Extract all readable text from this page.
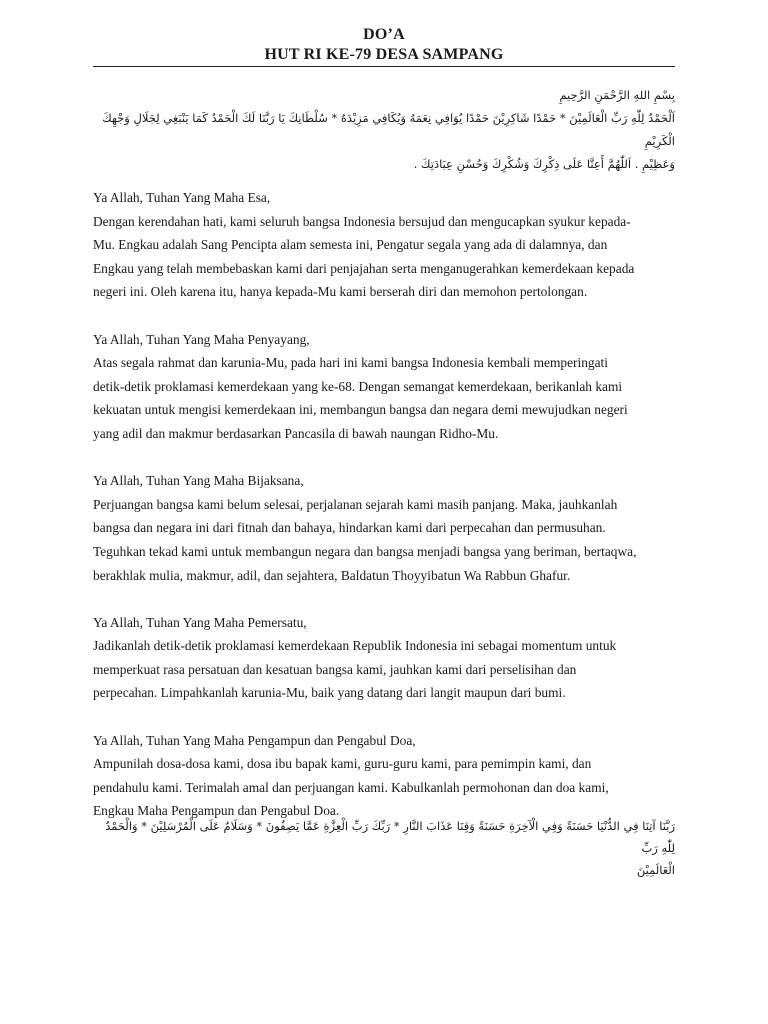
DO’A
HUT RI KE-79 DESA SAMPANG

بِسْمِ اللهِ الرَّحْمَنِ الرَّحِيمِ

اَلْحَمْدُ لِلّٰهِ رَبِّ الْعَالَمِيْنَ * حَمْدًا شَاكِرِيْنَ حَمْدًا يُوَافِي نِعَمَهُ وَيُكَافِي مَزِيْدَهُ * سُلْطَانِكَ يَا رَبَّنَا لَكَ الْحَمْدُ كَمَا يَنْبَغِي لِجَلَالِ وَجْهِكَ الْكَرِيْمِ

وَعَظِيْمِ . اَللّٰهُمَّ أَعِنَّا عَلَى ذِكْرِكَ وَشُكْرِكَ وَحُسْنِ عِبَادَتِكَ .

Ya Allah, Tuhan Yang Maha Esa,
Dengan kerendahan hati, kami seluruh bangsa Indonesia bersujud dan mengucapkan syukur kepada-
Mu. Engkau adalah Sang Pencipta alam semesta ini, Pengatur segala yang ada di dalamnya, dan
Engkau yang telah membebaskan kami dari penjajahan serta menganugerahkan kemerdekaan kepada
negeri ini. Oleh karena itu, hanya kepada-Mu kami berserah diri dan memohon pertolongan.
Ya Allah, Tuhan Yang Maha Penyayang,
Atas segala rahmat dan karunia-Mu, pada hari ini kami bangsa Indonesia kembali memperingati
detik-detik proklamasi kemerdekaan yang ke-68. Dengan semangat kemerdekaan, berikanlah kami
kekuatan untuk mengisi kemerdekaan ini, membangun bangsa dan negara demi mewujudkan negeri
yang adil dan makmur berdasarkan Pancasila di bawah naungan Ridho-Mu.
Ya Allah, Tuhan Yang Maha Bijaksana,
Perjuangan bangsa kami belum selesai, perjalanan sejarah kami masih panjang. Maka, jauhkanlah
bangsa dan negara ini dari fitnah dan bahaya, hindarkan kami dari perpecahan dan permusuhan.
Teguhkan tekad kami untuk membangun negara dan bangsa menjadi bangsa yang beriman, bertaqwa,
berakhlak mulia, makmur, adil, dan sejahtera, Baldatun Thoyyibatun Wa Rabbun Ghafur.
Ya Allah, Tuhan Yang Maha Pemersatu,
Jadikanlah detik-detik proklamasi kemerdekaan Republik Indonesia ini sebagai momentum untuk
memperkuat rasa persatuan dan kesatuan bangsa kami, jauhkan kami dari perselisihan dan
perpecahan. Limpahkanlah karunia-Mu, baik yang datang dari langit maupun dari bumi.
Ya Allah, Tuhan Yang Maha Pengampun dan Pengabul Doa,
Ampunilah dosa-dosa kami, dosa ibu bapak kami, guru-guru kami, para pemimpin kami, dan
pendahulu kami. Terimalah amal dan perjuangan kami. Kabulkanlah permohonan dan doa kami,
Engkau Maha Pengampun dan Pengabul Doa.

رَبَّنَا آتِنَا فِي الدُّنْيَا حَسَنَةً وَفِي الْآخِرَةِ حَسَنَةً وَقِنَا عَذَابَ النَّارِ * رَبِّكَ رَبِّ الْعِزَّةِ عَمَّا يَصِفُونَ * وَسَلَامٌ عَلَى الْمُرْسَلِيْنَ * وَالْحَمْدُ لِلّٰهِ رَبِّ

الْعَالَمِيْنَ
